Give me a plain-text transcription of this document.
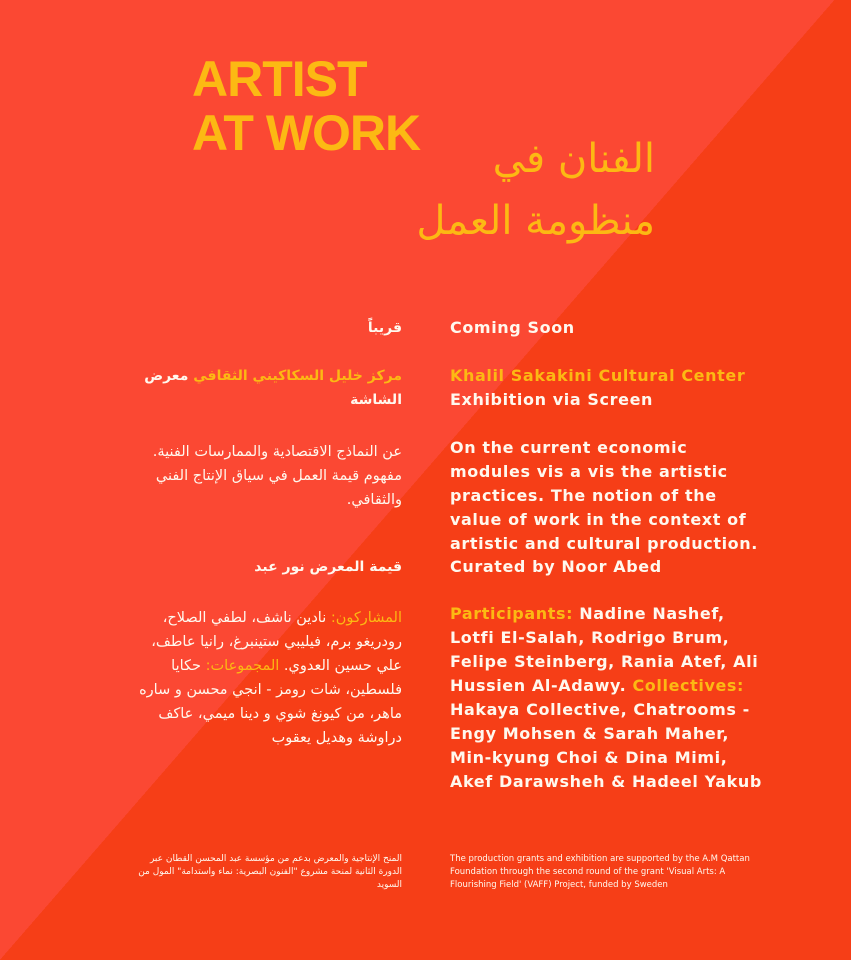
ARTIST
AT WORK	الفنان في
منظومة العمل
Coming Soon
قريباً
Khalil Sakakini Cultural Center Exhibition via Screen
مركز خليل السكاكيني الثقافي معرض الشاشة
On the current economic modules vis a vis the artistic practices. The notion of the value of work in the context of artistic and cultural production.
عن النماذج الاقتصادية والممارسات الفنية. مفهوم قيمة العمل في سياق الإنتاج الفني والثقافي.
Curated by Noor Abed
قيمة المعرض نور عبد
Participants: Nadine Nashef, Lotfi El-Salah, Rodrigo Brum, Felipe Steinberg, Rania Atef, Ali Hussien Al-Adawy. Collectives: Hakaya Collective, Chatrooms - Engy Mohsen & Sarah Maher, Min-kyung Choi & Dina Mimi, Akef Darawsheh & Hadeel Yakub
المشاركون: نادين ناشف، لطفي الصلاح، رودريغو برم، فيليبي ستينبرغ، رانيا عاطف، علي حسين العدوي. المجموعات: حكايا فلسطين، شات رومز - انجي محسن و ساره ماهر، من كيونغ شوي و دينا ميمي، عاكف دراوشة وهديل يعقوب
The production grants and exhibition are supported by the A.M Qattan Foundation through the second round of the grant 'Visual Arts: A Flourishing Field' (VAFF) Project, funded by Sweden
المنح الإنتاجية والمعرض بدعم من مؤسسة عبد المحسن القطان عبر الدورة الثانية لمنحة مشروع "الفنون البصرية: نماء واستدامة" المول من السويد
